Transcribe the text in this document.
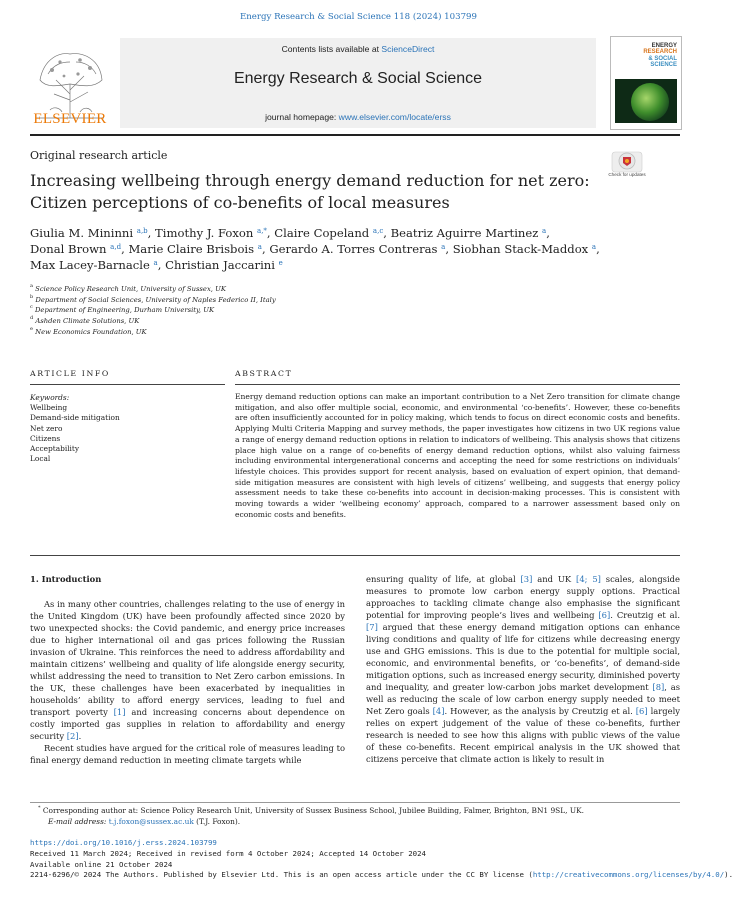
Energy Research & Social Science 118 (2024) 103799
ELSEVIER
Contents lists available at ScienceDirect
Energy Research & Social Science
journal homepage: www.elsevier.com/locate/erss
ENERGY
RESEARCH
& SOCIAL
SCIENCE
Original research article
Check for updates
Increasing wellbeing through energy demand reduction for net zero: Citizen perceptions of co-benefits of local measures
Giulia M. Mininni $^{a,b}$, Timothy J. Foxon $^{a,*}$, Claire Copeland $^{a,c}$, Beatriz Aguirre Martinez $^a$,
Donal Brown $^{a,d}$, Marie Claire Brisbois $^a$, Gerardo A. Torres Contreras $^a$, Siobhan Stack-Maddox $^a$,
Max Lacey-Barnacle $^a$, Christian Jaccarini $^e$
$^a$ Science Policy Research Unit, University of Sussex, UK
$^b$ Department of Social Sciences, University of Naples Federico II, Italy
$^c$ Department of Engineering, Durham University, UK
$^d$ Ashden Climate Solutions, UK
$^e$ New Economics Foundation, UK
ARTICLE INFO	ABSTRACT
Keywords:
Wellbeing
Demand-side mitigation
Net zero
Citizens
Acceptability
Local
Energy demand reduction options can make an important contribution to a Net Zero transition for climate change mitigation, and also offer multiple social, economic, and environmental ‘co-benefits’. However, these co-benefits are often insufficiently accounted for in policy making, which tends to focus on direct economic costs and benefits. Applying Multi Criteria Mapping and survey methods, the paper investigates how citizens in two UK regions value a range of energy demand reduction options in relation to indicators of wellbeing. This analysis shows that citizens place high value on a range of co-benefits of energy demand reduction options, whilst also valuing fairness including environmental intergenerational concerns and accepting the need for some restrictions on individuals’ lifestyle choices. This provides support for recent analysis, based on evaluation of expert opinion, that demand-side mitigation measures are consistent with high levels of citizens’ wellbeing, and suggests that energy policy assessment needs to take these co-benefits into account in decision-making processes. This is consistent with moving towards a wider ‘wellbeing economy’ approach, compared to a narrower assessment based only on economic costs and benefits.
1. Introduction

As in many other countries, challenges relating to the use of energy in the United Kingdom (UK) have been profoundly affected since 2020 by two unexpected shocks: the Covid pandemic, and energy price increases due to higher international oil and gas prices following the Russian invasion of Ukraine. This reinforces the need to address affordability and maintain citizens’ wellbeing and quality of life alongside energy security, whilst addressing the need to transition to Net Zero carbon emissions. In the UK, these challenges have been exacerbated by inequalities in households’ ability to afford energy services, leading to fuel and transport poverty [1] and increasing concerns about dependence on costly imported gas supplies in relation to affordability and energy security [2].

Recent studies have argued for the critical role of measures leading to final energy demand reduction in meeting climate targets while

ensuring quality of life, at global [3] and UK [4; 5] scales, alongside measures to promote low carbon energy supply options. Practical approaches to tackling climate change also emphasise the significant potential for improving people’s lives and wellbeing [6]. Creutzig et al. [7] argued that these energy demand mitigation options can enhance living conditions and quality of life for citizens while decreasing energy use and GHG emissions. This is due to the potential for multiple social, economic, and environmental benefits, or ‘co-benefits’, of demand-side mitigation options, such as increased energy security, diminished poverty and inequality, and greater low-carbon jobs market development [8], as well as reducing the scale of low carbon energy supply needed to meet Net Zero goals [4]. However, as the analysis by Creutzig et al. [6] largely relies on expert judgement of the value of these co-benefits, further research is needed to see how this aligns with public views of the value of these co-benefits. Recent empirical analysis in the UK showed that citizens perceive that climate action is likely to result in

* Corresponding author at: Science Policy Research Unit, University of Sussex Business School, Jubilee Building, Falmer, Brighton, BN1 9SL, UK.
E-mail address: t.j.foxon@sussex.ac.uk (T.J. Foxon).
https://doi.org/10.1016/j.erss.2024.103799
Received 11 March 2024; Received in revised form 4 October 2024; Accepted 14 October 2024
Available online 21 October 2024
2214-6296/© 2024 The Authors. Published by Elsevier Ltd. This is an open access article under the CC BY license (http://creativecommons.org/licenses/by/4.0/).
